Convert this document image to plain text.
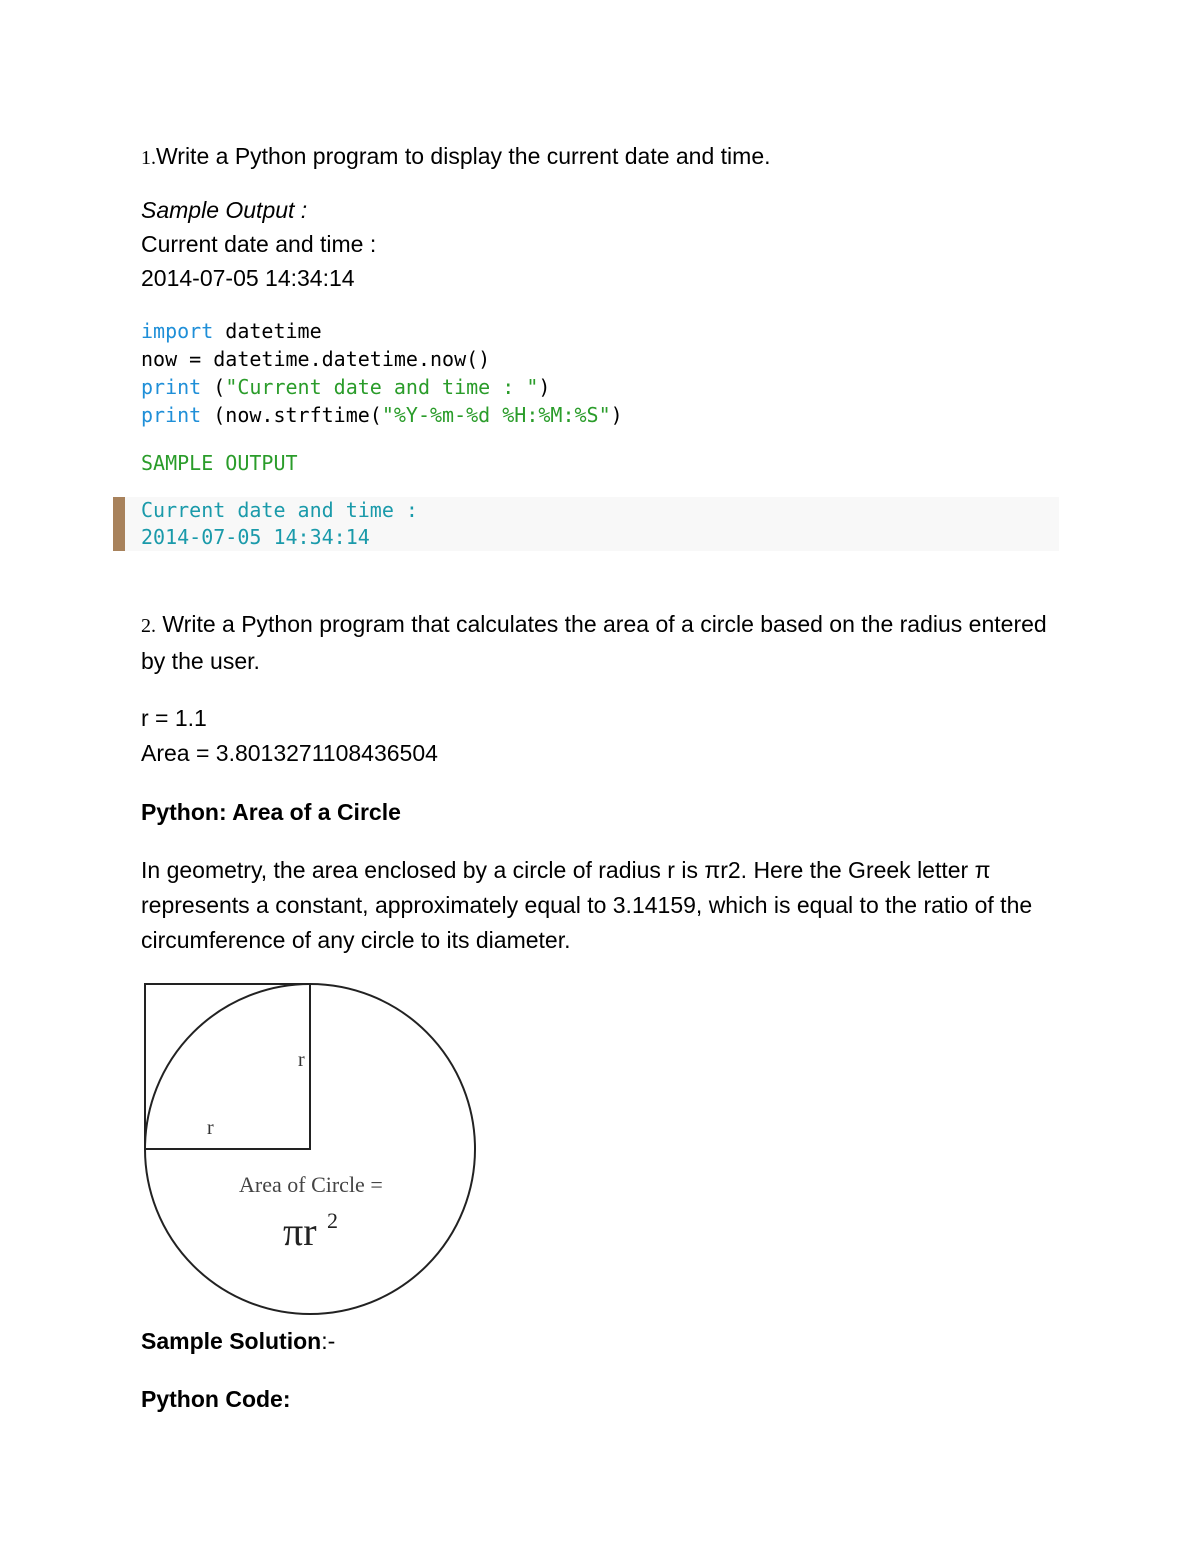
1.Write a Python program to display the current date and time.

Sample Output :
Current date and time :
2014-07-05 14:34:14
import datetime
now = datetime.datetime.now()
print ("Current date and time : ")
print (now.strftime("%Y-%m-%d %H:%M:%S")
SAMPLE OUTPUT
Current date and time :
2014-07-05 14:34:14
2. Write a Python program that calculates the area of a circle based on the radius entered by the user.
r = 1.1
Area = 3.8013271108436504
Python: Area of a Circle
In geometry, the area enclosed by a circle of radius r is πr2. Here the Greek letter π represents a constant, approximately equal to 3.14159, which is equal to the ratio of the circumference of any circle to its diameter.
r
r
Area of Circle =
πr 2
Sample Solution:-
Python Code:
